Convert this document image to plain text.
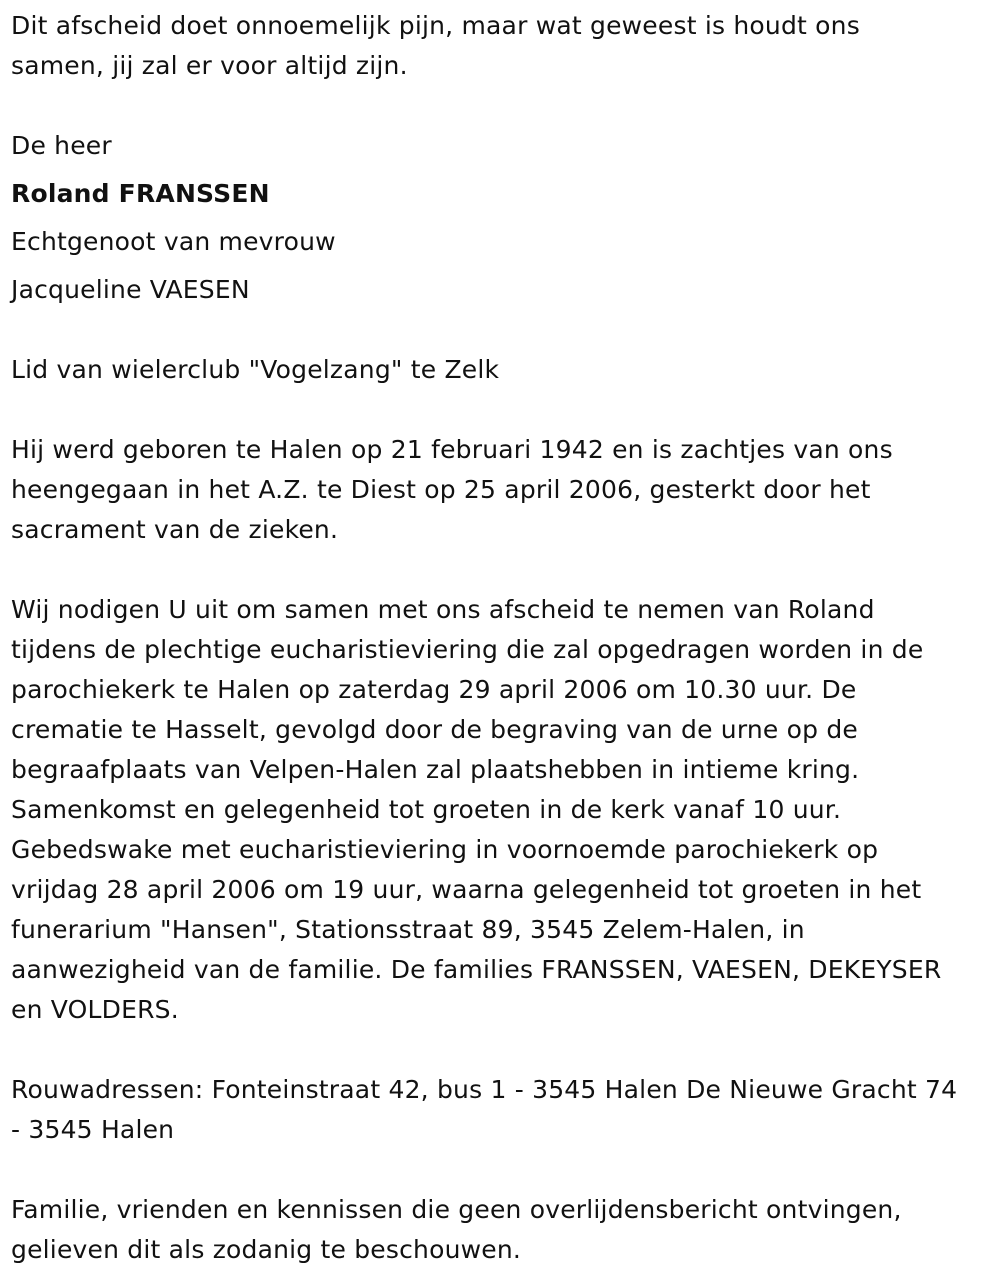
Dit afscheid doet onnoemelijk pijn, maar wat geweest is houdt ons
samen, jij zal er voor altijd zijn.
De heer
Roland FRANSSEN
Echtgenoot van mevrouw
Jacqueline VAESEN
Lid van wielerclub "Vogelzang" te Zelk
Hij werd geboren te Halen op 21 februari 1942 en is zachtjes van ons
heengegaan in het A.Z. te Diest op 25 april 2006, gesterkt door het
sacrament van de zieken.
Wij nodigen U uit om samen met ons afscheid te nemen van Roland
tijdens de plechtige eucharistieviering die zal opgedragen worden in de
parochiekerk te Halen op zaterdag 29 april 2006 om 10.30 uur. De
crematie te Hasselt, gevolgd door de begraving van de urne op de
begraafplaats van Velpen-Halen zal plaatshebben in intieme kring.
Samenkomst en gelegenheid tot groeten in de kerk vanaf 10 uur.
Gebedswake met eucharistieviering in voornoemde parochiekerk op
vrijdag 28 april 2006 om 19 uur, waarna gelegenheid tot groeten in het
funerarium "Hansen", Stationsstraat 89, 3545 Zelem-Halen, in
aanwezigheid van de familie. De families FRANSSEN, VAESEN, DEKEYSER
en VOLDERS.
Rouwadressen: Fonteinstraat 42, bus 1 - 3545 Halen De Nieuwe Gracht 74
- 3545 Halen
Familie, vrienden en kennissen die geen overlijdensbericht ontvingen,
gelieven dit als zodanig te beschouwen.
